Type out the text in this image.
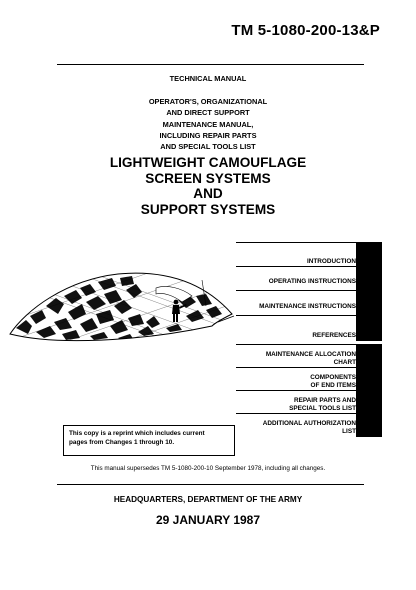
TM 5-1080-200-13&P
TECHNICAL MANUAL
OPERATOR'S, ORGANIZATIONAL
AND DIRECT SUPPORT
MAINTENANCE MANUAL,
INCLUDING REPAIR PARTS
AND SPECIAL TOOLS LIST
LIGHTWEIGHT CAMOUFLAGE
SCREEN SYSTEMS
AND
SUPPORT SYSTEMS
INTRODUCTION
OPERATING INSTRUCTIONS
MAINTENANCE INSTRUCTIONS
REFERENCES
MAINTENANCE ALLOCATION
CHART
COMPONENTS
OF END ITEMS
REPAIR PARTS AND
SPECIAL TOOLS LIST
ADDITIONAL AUTHORIZATION
LIST
This copy is a reprint which includes current
pages from Changes 1 through 10.
This manual supersedes TM 5-1080-200-10 September 1978, including all changes.
HEADQUARTERS, DEPARTMENT OF THE ARMY
29 JANUARY 1987
